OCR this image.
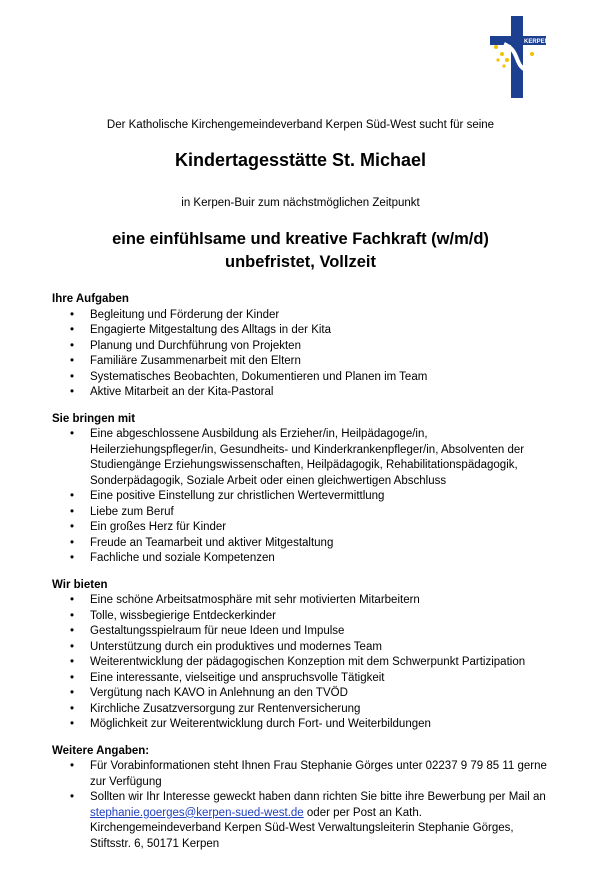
KERPEN
Der Katholische Kirchengemeindeverband Kerpen Süd-West sucht für seine
Kindertagesstätte St. Michael
in Kerpen-Buir zum nächstmöglichen Zeitpunkt
eine einfühlsame und kreative Fachkraft (w/m/d)
unbefristet, Vollzeit

Ihre Aufgaben

• Begleitung und Förderung der Kinder
• Engagierte Mitgestaltung des Alltags in der Kita
• Planung und Durchführung von Projekten
• Familiäre Zusammenarbeit mit den Eltern
• Systematisches Beobachten, Dokumentieren und Planen im Team
• Aktive Mitarbeit an der Kita-Pastoral

Sie bringen mit

• Eine abgeschlossene Ausbildung als Erzieher/in, Heilpädagoge/in, Heilerziehungspfleger/in, Gesundheits- und Kinderkrankenpfleger/in, Absolventen der Studiengänge Erziehungswissenschaften, Heilpädagogik, Rehabilitationspädagogik, Sonderpädagogik, Soziale Arbeit oder einen gleichwertigen Abschluss
• Eine positive Einstellung zur christlichen Wertevermittlung
• Liebe zum Beruf
• Ein großes Herz für Kinder
• Freude an Teamarbeit und aktiver Mitgestaltung
• Fachliche und soziale Kompetenzen

Wir bieten

• Eine schöne Arbeitsatmosphäre mit sehr motivierten Mitarbeitern
• Tolle, wissbegierige Entdeckerkinder
• Gestaltungsspielraum für neue Ideen und Impulse
• Unterstützung durch ein produktives und modernes Team
• Weiterentwicklung der pädagogischen Konzeption mit dem Schwerpunkt Partizipation
• Eine interessante, vielseitige und anspruchsvolle Tätigkeit
• Vergütung nach KAVO in Anlehnung an den TVÖD
• Kirchliche Zusatzversorgung zur Rentenversicherung
• Möglichkeit zur Weiterentwicklung durch Fort- und Weiterbildungen

Weitere Angaben:

• Für Vorabinformationen steht Ihnen Frau Stephanie Görges unter 02237 9 79 85 11 gerne zur Verfügung
• Sollten wir Ihr Interesse geweckt haben dann richten Sie bitte ihre Bewerbung per Mail an stephanie.goerges@kerpen-sued-west.de oder per Post an Kath. Kirchengemeindeverband Kerpen Süd-West Verwaltungsleiterin Stephanie Görges, Stiftsstr. 6, 50171 Kerpen
